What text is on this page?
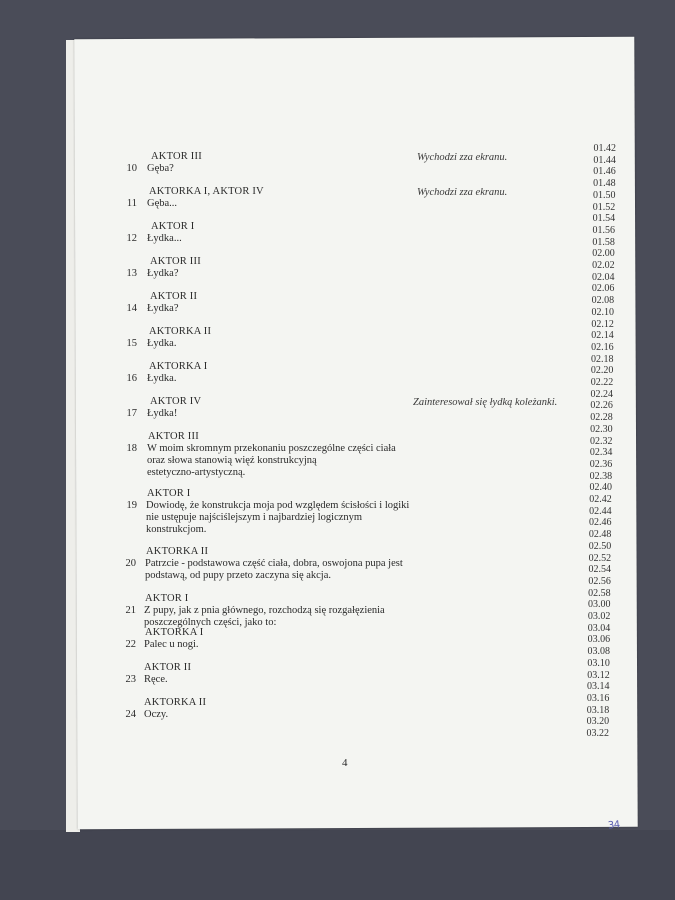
AKTOR III
10 Gęba?
AKTORKA I, AKTOR IV
11 Gęba...
AKTOR I
12 Łydka...
AKTOR III
13 Łydka?
AKTOR II
14 Łydka?
AKTORKA II
15 Łydka.
AKTORKA I
16 Łydka.
AKTOR IV
17 Łydka!
AKTOR III
18 W moim skromnym przekonaniu poszczególne części ciała
oraz słowa stanowią więź konstrukcyjną
estetyczno-artystyczną.
AKTOR I
19 Dowiodę, że konstrukcja moja pod względem ścisłości i logiki
nie ustępuje najściślejszym i najbardziej logicznym
konstrukcjom.
AKTORKA II
20 Patrzcie - podstawowa część ciała, dobra, oswojona pupa jest
podstawą, od pupy przeto zaczyna się akcja.
AKTOR I
21 Z pupy, jak z pnia głównego, rozchodzą się rozgałęzienia
poszczególnych części, jako to:
AKTORKA I
22 Palec u nogi.
AKTOR II
23 Ręce.
AKTORKA II
24 Oczy.
Wychodzi zza ekranu.
Wychodzi zza ekranu.
Zainteresował się łydką koleżanki.
01.42
01.44
01.46
01.48
01.50
01.52
01.54
01.56
01.58
02.00
02.02
02.04
02.06
02.08
02.10
02.12
02.14
02.16
02.18
02.20
02.22
02.24
02.26
02.28
02.30
02.32
02.34
02.36
02.38
02.40
02.42
02.44
02.46
02.48
02.50
02.52
02.54
02.56
02.58
03.00
03.02
03.04
03.06
03.08
03.10
03.12
03.14
03.16
03.18
03.20
03.22
4
34
